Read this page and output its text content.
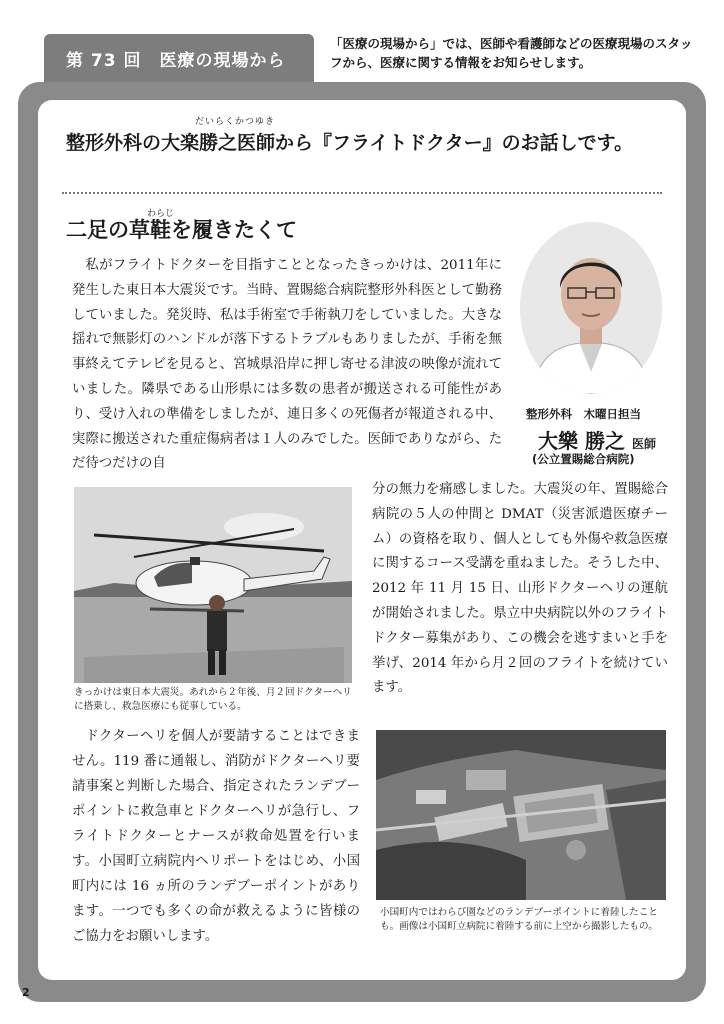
第 73 回　医療の現場から
「医療の現場から」では、医師や看護師などの医療現場のスタッフから、医療に関する情報をお知らせします。
だいらくかつゆき
整形外科の大楽勝之医師から『フライトドクター』のお話しです。
わらじ
二足の草鞋を履きたくて
私がフライトドクターを目指すこととなったきっかけは、2011年に発生した東日本大震災です。当時、置賜総合病院整形外科医として勤務していました。発災時、私は手術室で手術執刀をしていました。大きな揺れで無影灯のハンドルが落下するトラブルもありましたが、手術を無事終えてテレビを見ると、宮城県沿岸に押し寄せる津波の映像が流れていました。隣県である山形県には多数の患者が搬送される可能性があり、受け入れの準備をしましたが、連日多くの死傷者が報道される中、実際に搬送された重症傷病者は１人のみでした。医師でありながら、ただ待つだけの自
分の無力を痛感しました。大震災の年、置賜総合病院の５人の仲間と DMAT（災害派遣医療チーム）の資格を取り、個人としても外傷や救急医療に関するコース受講を重ねました。そうした中、2012 年 11 月 15 日、山形ドクターヘリの運航が開始されました。県立中央病院以外のフライトドクター募集があり、この機会を逃すまいと手を挙げ、2014 年から月２回のフライトを続けています。
整形外科　木曜日担当
大樂 勝之 医師
(公立置賜総合病院)
きっかけは東日本大震災。あれから２年後、月２回ドクターヘリに搭乗し、救急医療にも従事している。
ドクターヘリを個人が要請することはできません。119 番に通報し、消防がドクターヘリ要請事案と判断した場合、指定されたランデブーポイントに救急車とドクターヘリが急行し、フライトドクターとナースが救命処置を行います。小国町立病院内ヘリポートをはじめ、小国町内には 16 ヵ所のランデブーポイントがあります。一つでも多くの命が救えるように皆様のご協力をお願いします。
小国町内ではわらび園などのランデブーポイントに着陸したことも。画像は小国町立病院に着陸する前に上空から撮影したもの。
2
